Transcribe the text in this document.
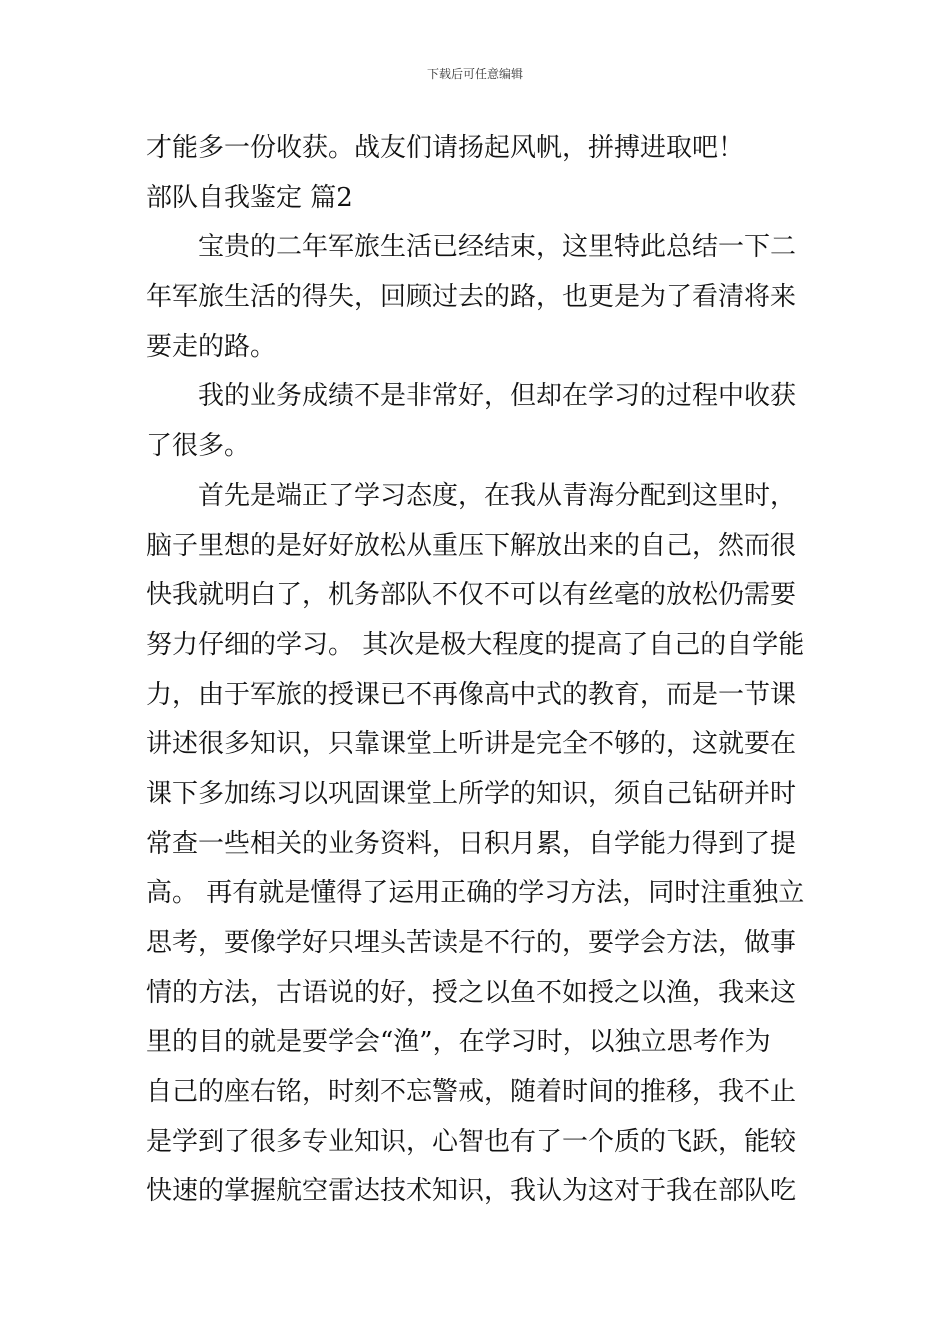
下载后可任意编辑
才能多一份收获。战友们请扬起风帆，拼搏进取吧！
部队自我鉴定 篇2
宝贵的二年军旅生活已经结束，这里特此总结一下二
年军旅生活的得失，回顾过去的路，也更是为了看清将来
要走的路。
我的业务成绩不是非常好，但却在学习的过程中收获
了很多。
首先是端正了学习态度，在我从青海分配到这里时，
脑子里想的是好好放松从重压下解放出来的自己，然而很
快我就明白了，机务部队不仅不可以有丝毫的放松仍需要
努力仔细的学习。 其次是极大程度的提高了自己的自学能
力，由于军旅的授课已不再像高中式的教育，而是一节课
讲述很多知识，只靠课堂上听讲是完全不够的，这就要在
课下多加练习以巩固课堂上所学的知识，须自己钻研并时
常查一些相关的业务资料，日积月累，自学能力得到了提
高。 再有就是懂得了运用正确的学习方法，同时注重独立
思考，要像学好只埋头苦读是不行的，要学会方法，做事
情的方法，古语说的好，授之以鱼不如授之以渔，我来这
里的目的就是要学会“渔”，在学习时，以独立思考作为
自己的座右铭，时刻不忘警戒，随着时间的推移，我不止
是学到了很多专业知识，心智也有了一个质的飞跃，能较
快速的掌握航空雷达技术知识，我认为这对于我在部队吃
